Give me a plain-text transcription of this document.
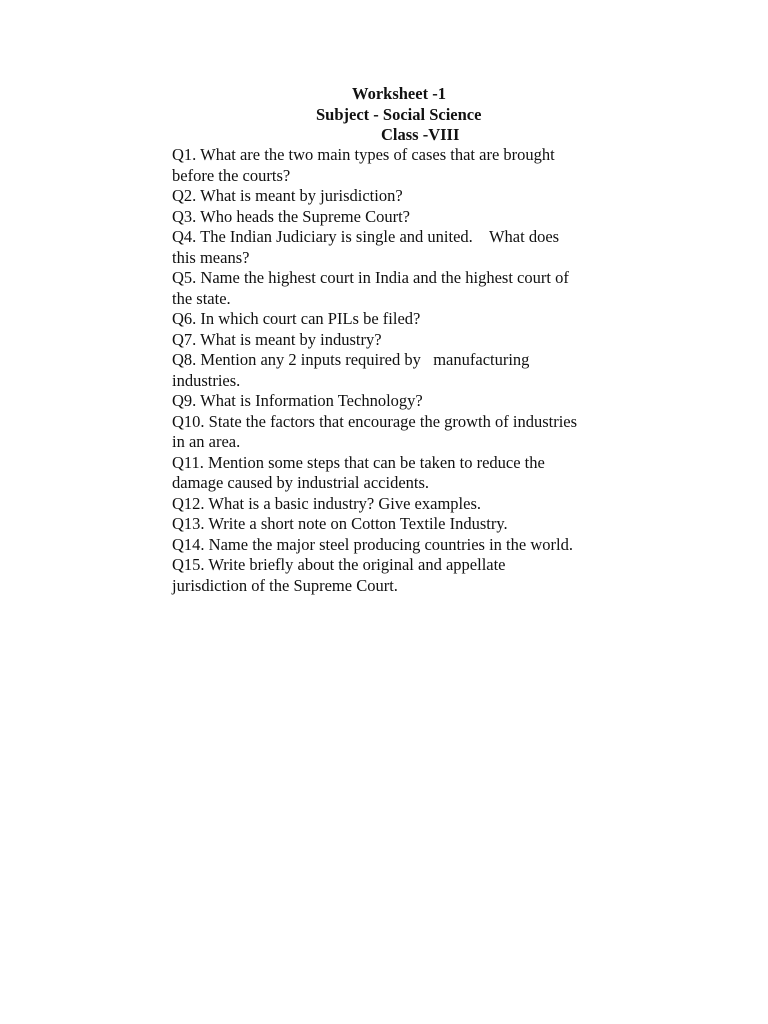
Worksheet -1
Subject - Social Science
Class -VIII
Q1. What are the two main types of cases that are brought before the courts?
Q2. What is meant by jurisdiction?
Q3. Who heads the Supreme Court?
Q4. The Indian Judiciary is single and united.    What does this means?
Q5. Name the highest court in India and the highest court of the state.
Q6. In which court can PILs be filed?
Q7. What is meant by industry?
Q8. Mention any 2 inputs required by   manufacturing industries.
Q9. What is Information Technology?
Q10. State the factors that encourage the growth of industries in an area.
Q11. Mention some steps that can be taken to reduce the damage caused by industrial accidents.
Q12. What is a basic industry? Give examples.
Q13. Write a short note on Cotton Textile Industry.
Q14. Name the major steel producing countries in the world.
Q15. Write briefly about the original and appellate jurisdiction of the Supreme Court.
